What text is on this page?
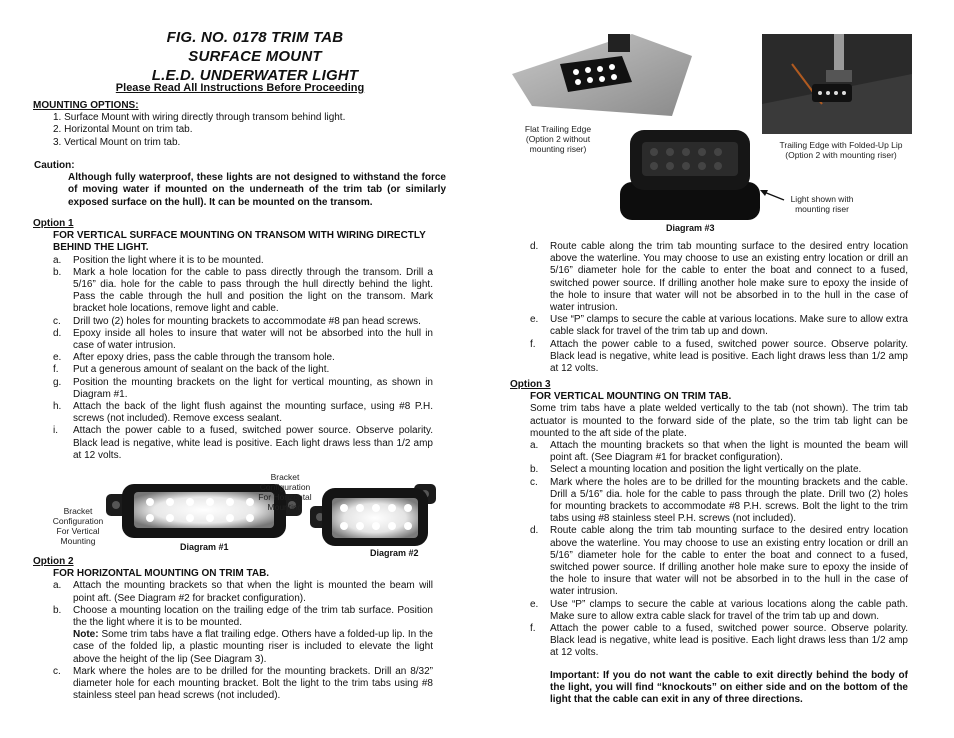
FIG. NO. 0178 TRIM TAB
SURFACE MOUNT
L.E.D. UNDERWATER LIGHT
Please Read All Instructions Before Proceeding
MOUNTING OPTIONS:
1. Surface Mount with wiring directly through transom behind light.
2. Horizontal Mount on trim tab.
3. Vertical Mount on trim tab.
Caution:
Although fully waterproof, these lights are not designed to withstand the force of moving water if mounted on the underneath of the trim tab (or similarly exposed surface on the hull). It can be mounted on the transom.
Option 1
FOR VERTICAL SURFACE MOUNTING ON TRANSOM WITH WIRING DIRECTLY BEHIND THE LIGHT.
a. Position the light where it is to be mounted.
b. Mark a hole location for the cable to pass directly through the transom. Drill a 5/16” dia. hole for the cable to pass through the hull directly behind the light. Pass the cable through the hull and position the light on the transom. Mark bracket hole locations, remove light and cable.
c. Drill two (2) holes for mounting brackets to accommodate #8 pan head screws.
d. Epoxy inside all holes to insure that water will not be absorbed into the hull in case of water intrusion.
e. After epoxy dries, pass the cable through the transom hole.
f. Put a generous amount of sealant on the back of the light.
g. Position the mounting brackets on the light for vertical mounting, as shown in Diagram #1.
h. Attach the back of the light flush against the mounting surface, using #8 P.H. screws (not included). Remove excess sealant.
i. Attach the power cable to a fused, switched power source. Observe polarity. Black lead is negative, white lead is positive. Each light draws less than 1/2 amp at 12 volts.
Bracket Configuration For Vertical Mounting
Diagram #1
Bracket Configuration For Horizontal Mounting
Diagram #2
Option 2
FOR HORIZONTAL MOUNTING ON TRIM TAB.
a. Attach the mounting brackets so that when the light is mounted the beam will point aft. (See Diagram #2 for bracket configuration).
b. Choose a mounting location on the trailing edge of the trim tab surface. Position the the light where it is to be mounted.
Note: Some trim tabs have a flat trailing edge. Others have a folded-up lip. In the case of the folded lip, a plastic mounting riser is included to elevate the light above the height of the lip (See Diagram 3).
c. Mark where the holes are to be drilled for the mounting brackets. Drill an 8/32” diameter hole for each mounting bracket. Bolt the light to the trim tabs using #8 stainless steel pan head screws (not included).
Flat Trailing Edge (Option 2 without mounting riser)	Trailing Edge with Folded-Up Lip (Option 2 with mounting riser)
Light shown with mounting riser
Diagram #3
d. Route cable along the trim tab mounting surface to the desired entry location above the waterline. You may choose to use an existing entry location or drill an 5/16” diameter hole for the cable to enter the boat and connect to a fused, switched power source. If drilling another hole make sure to epoxy the inside of the hole to insure that water will not be absorbed in to the hull in the case of water intrusion.
e. Use “P” clamps to secure the cable at various locations. Make sure to allow extra cable slack for travel of the trim tab up and down.
f. Attach the power cable to a fused, switched power source. Observe polarity. Black lead is negative, white lead is positive. Each light draws less than 1/2 amp at 12 volts.
Option 3
FOR VERTICAL MOUNTING ON TRIM TAB.
Some trim tabs have a plate welded vertically to the tab (not shown). The trim tab actuator is mounted to the forward side of the plate, so the trim tab light can be mounted to the aft side of the plate.
a. Attach the mounting brackets so that when the light is mounted the beam will point aft. (See Diagram #1 for bracket configuration).
b. Select a mounting location and position the light vertically on the plate.
c. Mark where the holes are to be drilled for the mounting brackets and the cable. Drill a 5/16” dia. hole for the cable to pass through the plate. Drill two (2) holes for mounting brackets to accommodate #8 P.H. screws. Bolt the light to the trim tabs using #8 stainless steel P.H. screws (not included).
d. Route cable along the trim tab mounting surface to the desired entry location above the waterline. You may choose to use an existing entry location or drill an 5/16” diameter hole for the cable to enter the boat and connect to a fused, switched power source. If drilling another hole make sure to epoxy the inside of the hole to insure that water will not be absorbed in to the hull in the case of water intrusion.
e. Use “P” clamps to secure the cable at various locations along the cable path. Make sure to allow extra cable slack for travel of the trim tab up and down.
f. Attach the power cable to a fused, switched power source. Observe polarity. Black lead is negative, white lead is positive. Each light draws less than 1/2 amp at 12 volts.
Important: If you do not want the cable to exit directly behind the body of the light, you will find “knockouts” on either side and on the bottom of the light that the cable can exit in any of three directions.
